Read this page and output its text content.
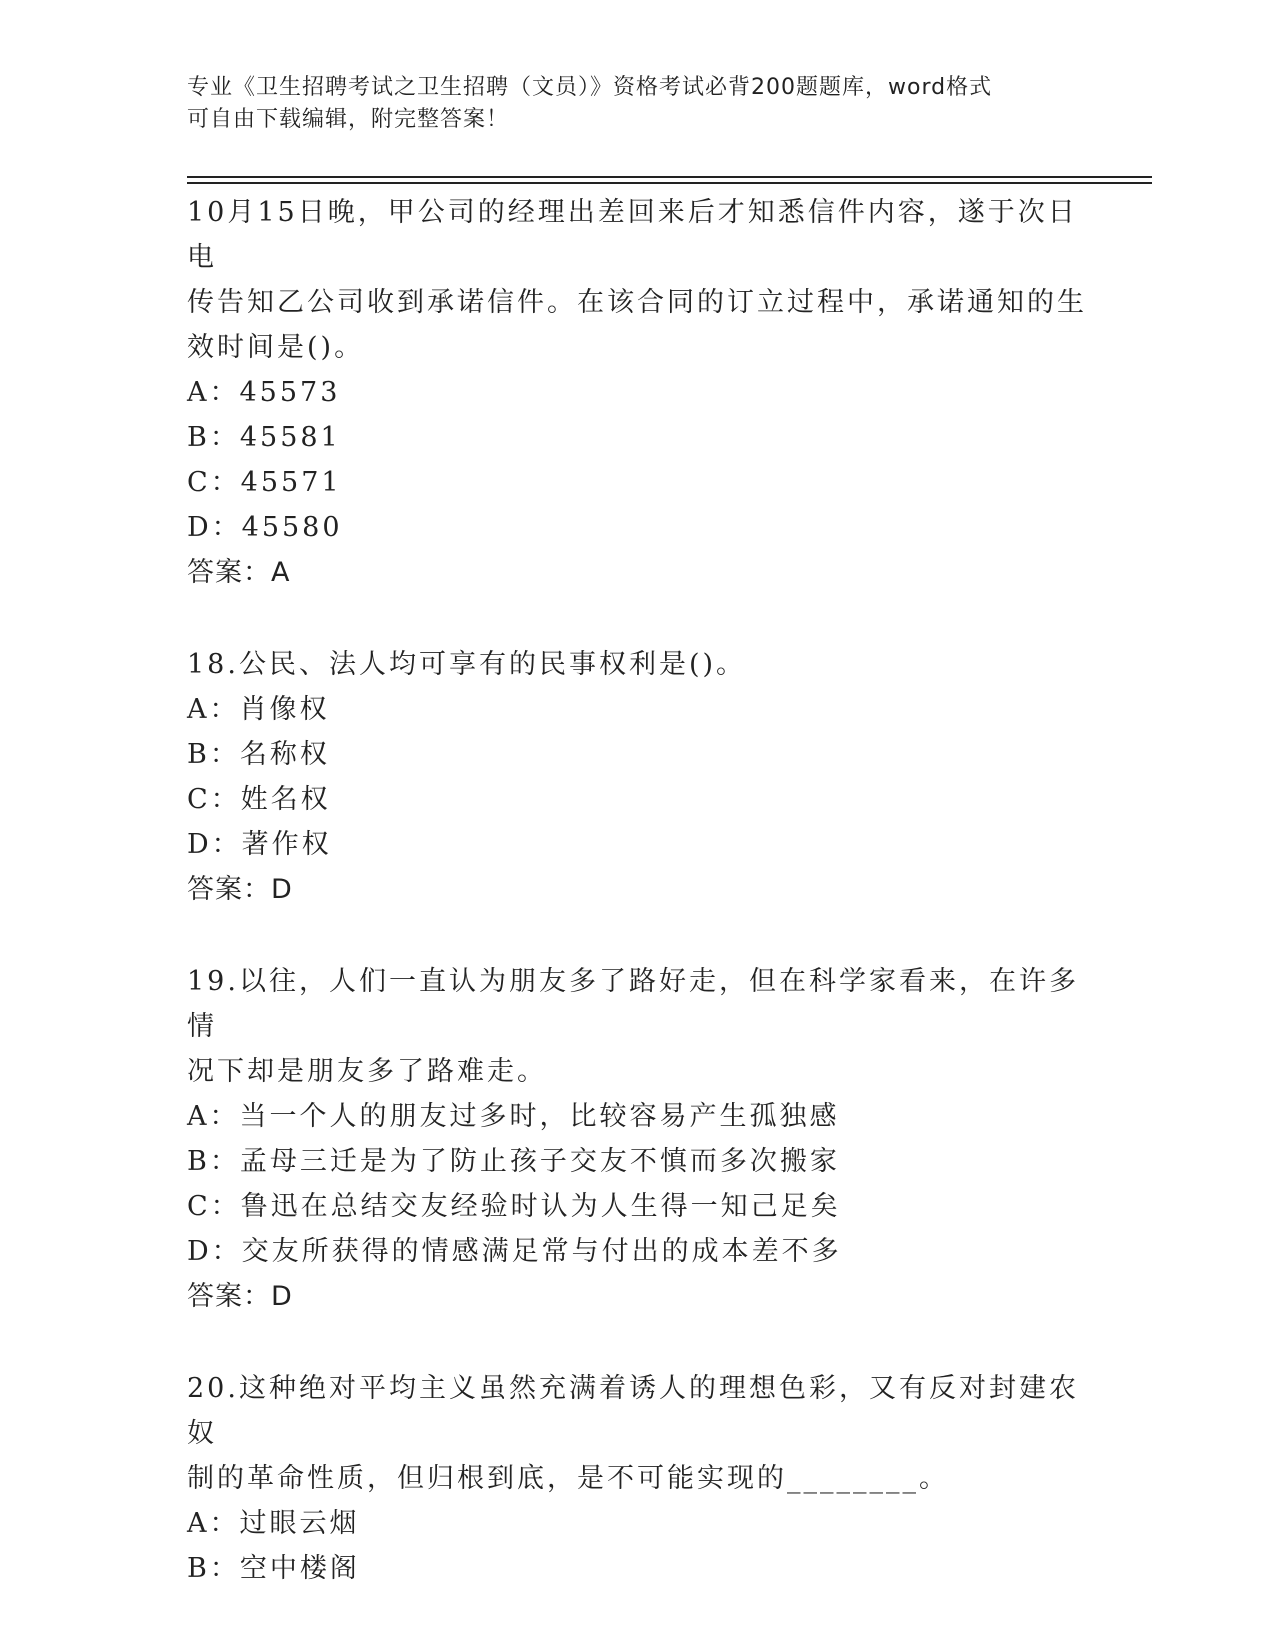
专业《卫生招聘考试之卫生招聘（文员）》资格考试必背200题题库，word格式
可自由下载编辑，附完整答案！
10月15日晚，甲公司的经理出差回来后才知悉信件内容，遂于次日电
传告知乙公司收到承诺信件。在该合同的订立过程中，承诺通知的生
效时间是()。
A：45573
B：45581
C：45571
D：45580
答案：A
18.公民、法人均可享有的民事权利是()。
A：肖像权
B：名称权
C：姓名权
D：著作权
答案：D
19.以往，人们一直认为朋友多了路好走，但在科学家看来，在许多情
况下却是朋友多了路难走。
A：当一个人的朋友过多时，比较容易产生孤独感
B：孟母三迁是为了防止孩子交友不慎而多次搬家
C：鲁迅在总结交友经验时认为人生得一知己足矣
D：交友所获得的情感满足常与付出的成本差不多
答案：D
20.这种绝对平均主义虽然充满着诱人的理想色彩，又有反对封建农奴
制的革命性质，但归根到底，是不可能实现的________。
A：过眼云烟
B：空中楼阁
